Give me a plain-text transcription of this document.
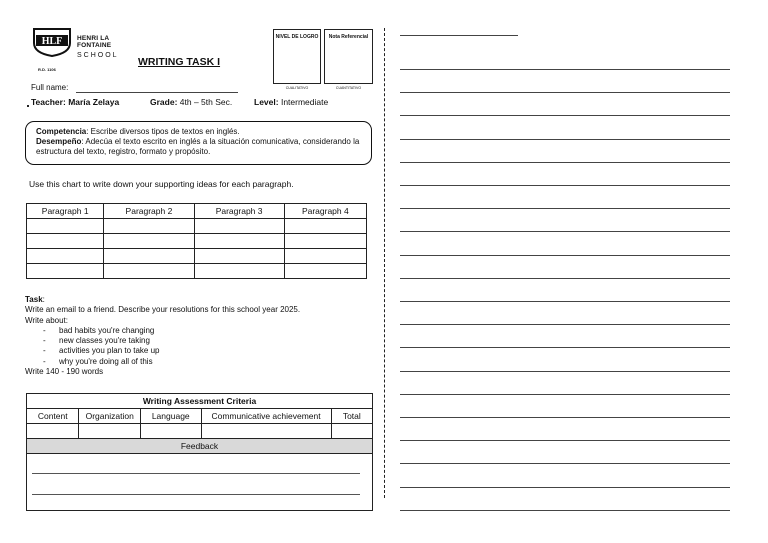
HLF HENRI LA
FONTAINE
SCHOOL
R.D. 1106
WRITING TASK I
NIVEL DE LOGRO
CUALITATIVO
Nota Referencial
CUANTITATIVO
Full name:
Teacher: María Zelaya	Grade: 4th – 5th Sec.	Level: Intermediate
Competencia: Escribe diversos tipos de textos en inglés.
Desempeño: Adecúa el texto escrito en inglés a la situación comunicativa, considerando la estructura del texto, registro, formato y propósito.
Use this chart to write down your supporting ideas for each paragraph.
Paragraph 1	Paragraph 2	Paragraph 3	Paragraph 4

Task:
Write an email to a friend. Describe your resolutions for this school year 2025.
Write about:
- bad habits you're changing
- new classes you're taking
- activities you plan to take up
- why you're doing all of this
Write 140 - 190 words
Writing Assessment Criteria				
Content	Organization	Language	Communicative achievement	Total

Feedback				
